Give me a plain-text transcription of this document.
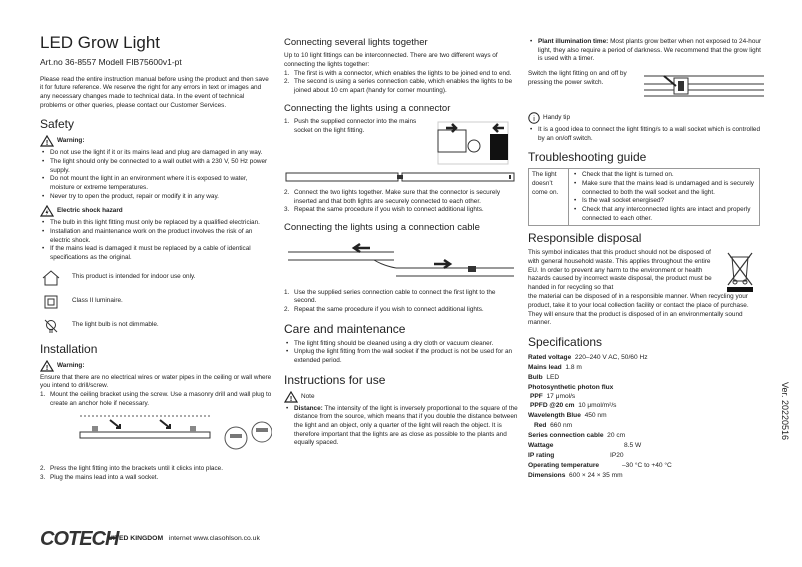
LED Grow Light
Art.no 36-8557 Modell FIB75600v1-pt
Please read the entire instruction manual before using the product and then save it for future reference. We reserve the right for any errors in text or images and any necessary changes made to technical data. In the event of technical problems or other queries, please contact our Customer Services.
Safety
! Warning:
• Do not use the light if it or its mains lead and plug are damaged in any way.
• The light should only be connected to a wall outlet with a 230 V, 50 Hz power supply.
• Do not mount the light in an environment where it is exposed to water, moisture or extreme temperatures.
• Never try to open the product, repair or modify it in any way.
Electric shock hazard
• The bulb in this light fitting must only be replaced by a qualified electrician.
• Installation and maintenance work on the product involves the risk of an electric shock.
• If the mains lead is damaged it must be replaced by a cable of identical specifications as the original.
This product is intended for indoor use only.
Class II luminaire.
The light bulb is not dimmable.
Installation
! Warning:
Ensure that there are no electrical wires or water pipes in the ceiling or wall where you intend to drill/screw.
1. Mount the ceiling bracket using the screw. Use a masonry drill and wall plug to create an anchor hole if necessary.
2. Press the light fitting into the brackets until it clicks into place.
3. Plug the mains lead into a wall socket.
Connecting several lights together
Up to 10 light fittings can be interconnected. There are two different ways of connecting the lights together:
1. The first is with a connector, which enables the lights to be joined end to end.
2. The second is using a series connection cable, which enables the lights to be joined about 10 cm apart (handy for corner mounting).
Connecting the lights using a connector
1. Push the supplied connector into the mains socket on the light fitting.
2. Connect the two lights together. Make sure that the connector is securely inserted and that both lights are securely connected to each other.
3. Repeat the same procedure if you wish to connect additional lights.
Connecting the lights using a connection cable
1. Use the supplied series connection cable to connect the first light to the second.
2. Repeat the same procedure if you wish to connect additional lights.
Care and maintenance
• The light fitting should be cleaned using a dry cloth or vacuum cleaner.
• Unplug the light fitting from the wall socket if the product is not be used for an extended period.
Instructions for use
! Note
• Distance: The intensity of the light is inversely proportional to the square of the distance from the source, which means that if you double the distance between the light and an object, only a quarter of the light will reach the object. It is therefore important that the lights are as close as possible to the plants and equally spaced.
• Plant illumination time: Most plants grow better when not exposed to 24-hour light, they also require a period of darkness. We recommend that the grow light is used with a timer.
Switch the light fitting on and off by pressing the power switch.
i Handy tip
• It is a good idea to connect the light fitting/s to a wall socket which is controlled by an on/off switch.
Troubleshooting guide
The light doesn’t come on.	
• Check that the light is turned on.
• Make sure that the mains lead is undamaged and is securely connected to both the wall socket and the light.
• Is the wall socket energised?
• Check that any interconnected lights are intact and properly connected to each other.
Responsible disposal
This symbol indicates that this product should not be disposed of with general household waste. This applies throughout the entire EU. In order to prevent any harm to the environment or health hazards caused by incorrect waste disposal, the product must be handed in for recycling so that
the material can be disposed of in a responsible manner. When recycling your product, take it to your local collection facility or contact the place of purchase. They will ensure that the product is disposed of in an environmentally sound manner.
Specifications
Rated voltage 220–240 V AC, 50/60 Hz
Mains lead 1.8 m
Bulb LED
Photosynthetic photon flux
PPF 17 μmol/s
PPFD @20 cm 10 μmol/m²/s
Wavelength Blue 450 nm
Red 660 nm
Series connection cable 20 cm
Wattage	8.5 W
IP rating	IP20
Operating temperature	–30 °C to +40 °C
Dimensions 600 × 24 × 35 mm
Ver. 20220516
COTECH
UITED KINGDOM internet www.clasohlson.co.uk
